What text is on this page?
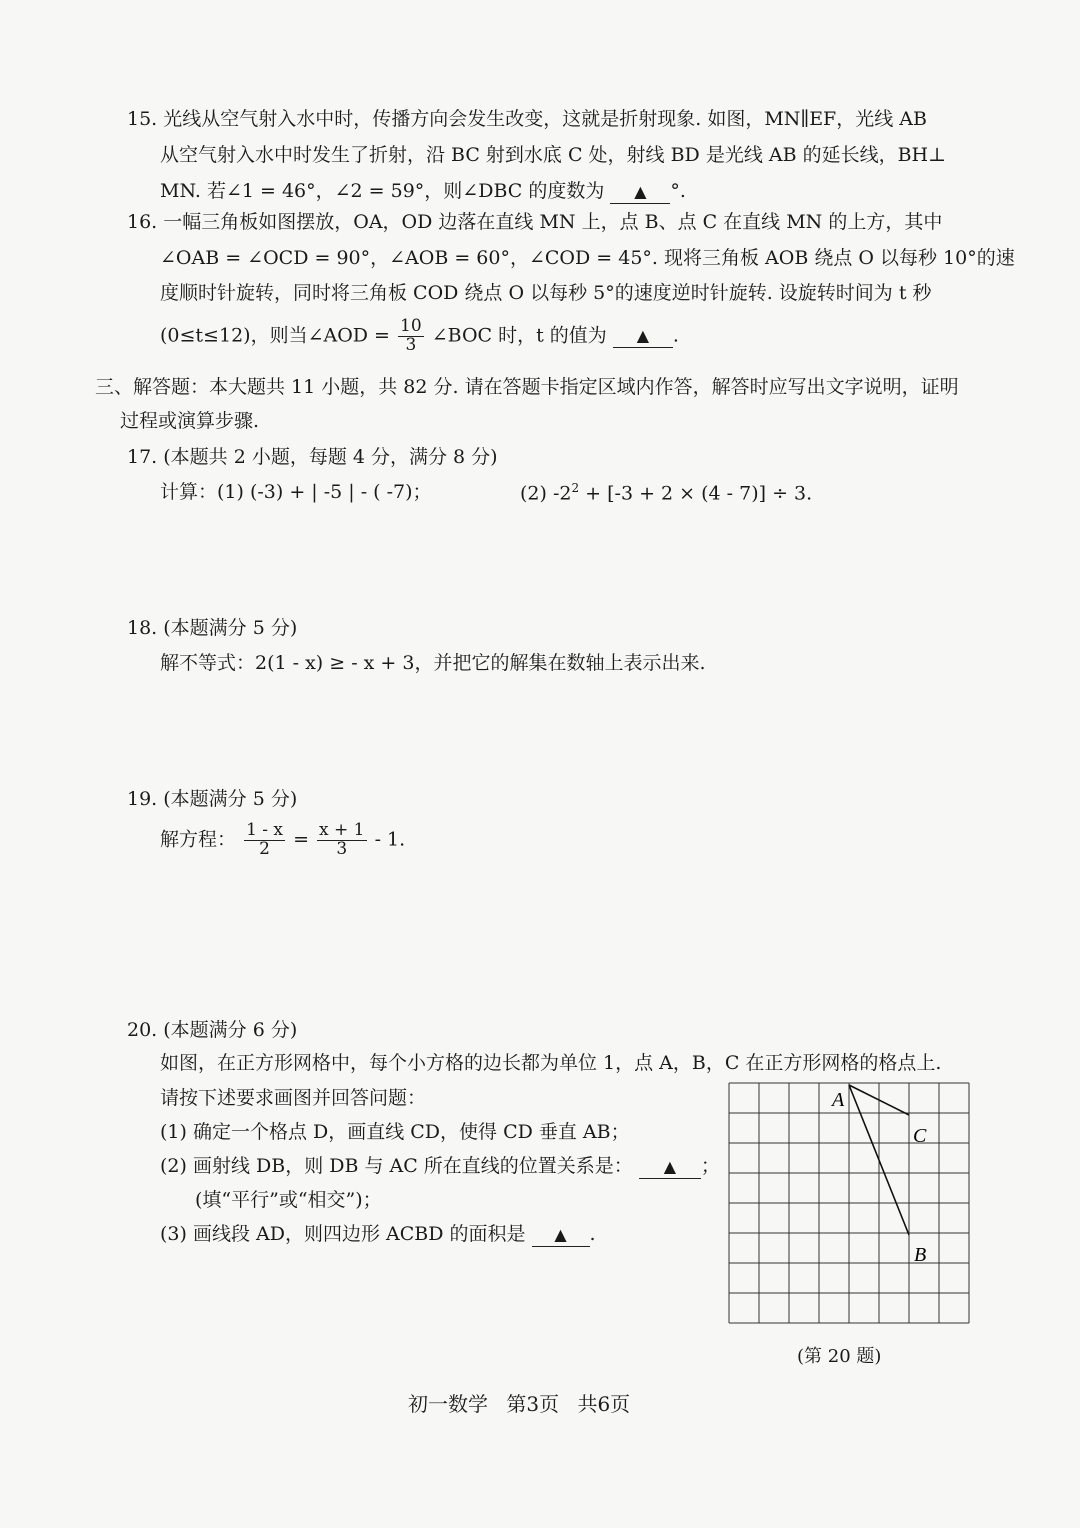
15. 光线从空气射入水中时，传播方向会发生改变，这就是折射现象. 如图，MN∥EF，光线 AB
从空气射入水中时发生了折射，沿 BC 射到水底 C 处，射线 BD 是光线 AB 的延长线，BH⊥
MN. 若∠1 = 46°，∠2 = 59°，则∠DBC 的度数为 ▲ °.
16. 一幅三角板如图摆放，OA，OD 边落在直线 MN 上，点 B、点 C 在直线 MN 的上方，其中
∠OAB = ∠OCD = 90°，∠AOB = 60°，∠COD = 45°. 现将三角板 AOB 绕点 O 以每秒 10°的速
度顺时针旋转，同时将三角板 COD 绕点 O 以每秒 5°的速度逆时针旋转. 设旋转时间为 t 秒
(0≤t≤12)，则当∠AOD = $\frac{10}{3}$ ∠BOC 时，t 的值为 ▲ .
三、解答题：本大题共 11 小题，共 82 分. 请在答题卡指定区域内作答，解答时应写出文字说明，证明
过程或演算步骤.
17. (本题共 2 小题，每题 4 分，满分 8 分)
计算：(1) (-3) + | -5 | - ( -7)；	(2) $-2^2 + [-3 + 2 \times (4 - 7)] \div 3$.
18. (本题满分 5 分)
解不等式：2(1 - x) ≥ - x + 3，并把它的解集在数轴上表示出来.
19. (本题满分 5 分)
解方程： $\frac{1 - x}{2} = \frac{x + 1}{3} - 1$.
20. (本题满分 6 分)
如图，在正方形网格中，每个小方格的边长都为单位 1，点 A，B，C 在正方形网格的格点上.
请按下述要求画图并回答问题：
(1) 确定一个格点 D，画直线 CD，使得 CD 垂直 AB；
(2) 画射线 DB，则 DB 与 AC 所在直线的位置关系是： ▲ ；
(填“平行”或“相交”)；
(3) 画线段 AD，则四边形 ACBD 的面积是 ▲ .
A
C
B
(第 20 题)
初一数学 第3页 共6页
